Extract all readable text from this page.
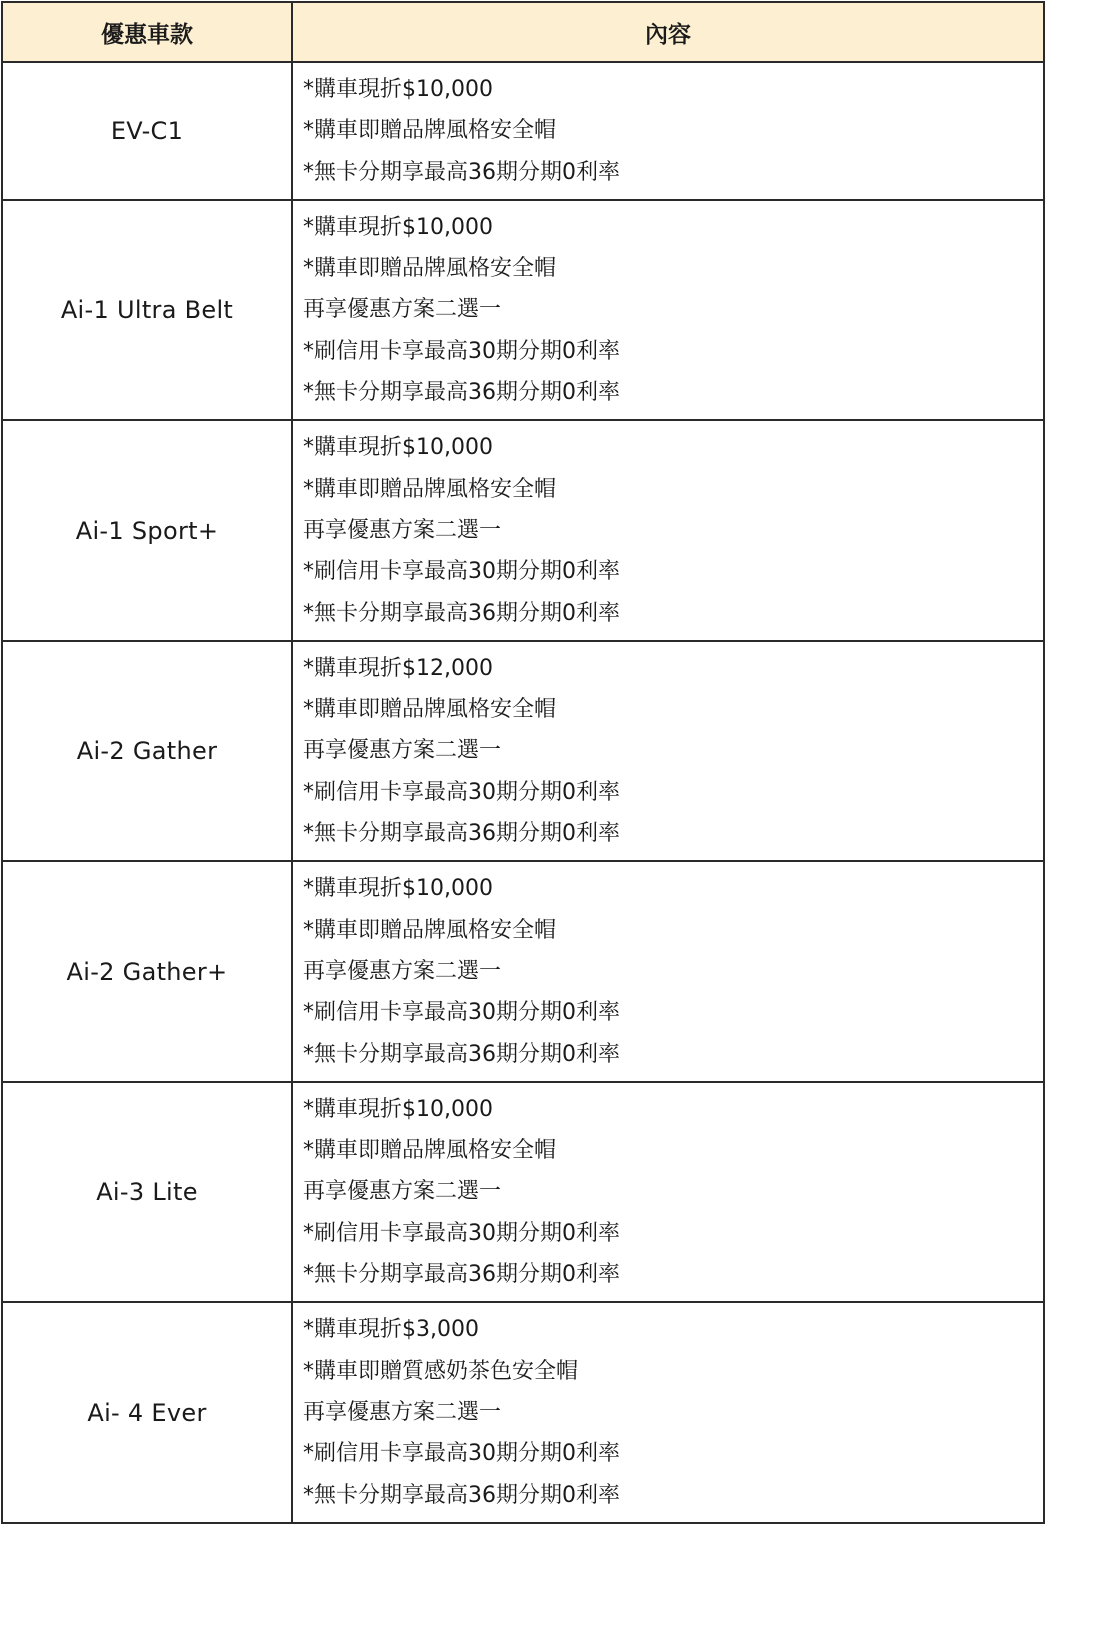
優惠車款	內容
EV-C1	*購車現折$10,000
*購車即贈品牌風格安全帽
*無卡分期享最高36期分期0利率

Ai-1 Ultra Belt	*購車現折$10,000
*購車即贈品牌風格安全帽
再享優惠方案二選一
*刷信用卡享最高30期分期0利率
*無卡分期享最高36期分期0利率

Ai-1 Sport+	*購車現折$10,000
*購車即贈品牌風格安全帽
再享優惠方案二選一
*刷信用卡享最高30期分期0利率
*無卡分期享最高36期分期0利率

Ai-2 Gather	*購車現折$12,000
*購車即贈品牌風格安全帽
再享優惠方案二選一
*刷信用卡享最高30期分期0利率
*無卡分期享最高36期分期0利率

Ai-2 Gather+	*購車現折$10,000
*購車即贈品牌風格安全帽
再享優惠方案二選一
*刷信用卡享最高30期分期0利率
*無卡分期享最高36期分期0利率

Ai-3 Lite	*購車現折$10,000
*購車即贈品牌風格安全帽
再享優惠方案二選一
*刷信用卡享最高30期分期0利率
*無卡分期享最高36期分期0利率

Ai- 4 Ever	*購車現折$3,000
*購車即贈質感奶茶色安全帽
再享優惠方案二選一
*刷信用卡享最高30期分期0利率
*無卡分期享最高36期分期0利率
